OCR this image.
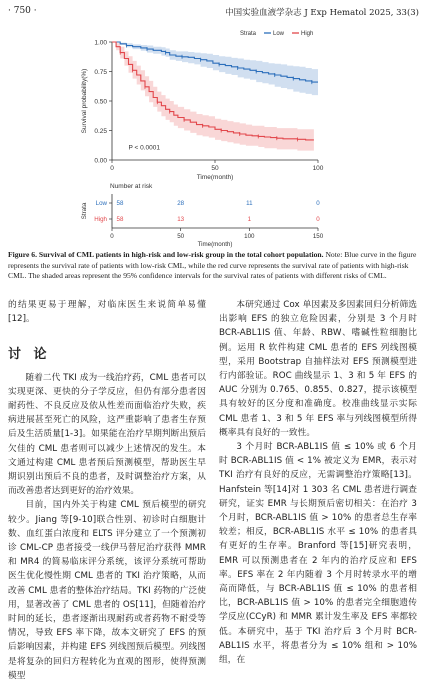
· 750 ·	中国实验血液学杂志 J Exp Hematol 2025, 33(3)
0.00
0.25
0.50
0.75
1.00
0	50	100
Time(month)
Survival probability(%)
P < 0.0001
Strata	Low	High
Number at risk
Low 58	28	11	0
High 58	13	1	0
0	50	100	150
Time(month)
Strata
Figure 6. Survival of CML patients in high-risk and low-risk group in the total cohort population. Note: Blue curve in the figure represents the survival rate of patients with low-risk CML, while the red curve represents the survival rate of patients with high-risk CML. The shaded areas represent the 95% confidence intervals for the survival rates of patients with different risks of CML.

的结果更易于理解，对临床医生来说简单易懂[12]。

讨 论

随着二代 TKI 成为一线治疗药，CML 患者可以实现更深、更快的分子学反应，但仍有部分患者因耐药性、不良反应及依从性差而面临治疗失败，疾病进展甚至死亡的风险，这严重影响了患者生存预后及生活质量[1-3]。如果能在治疗早期判断出预后欠佳的 CML 患者则可以减少上述情况的发生。本文通过构建 CML 患者预后预测模型，帮助医生早期识别出预后不良的患者，及时调整治疗方案，从而改善患者达到更好的治疗效果。

目前，国内外关于构建 CML 预后模型的研究较少。Jiang 等[9-10]联合性别、初诊时白细胞计数、血红蛋白浓度和 ELTS 评分建立了一个预测初诊 CML-CP 患者接受一线伊马替尼治疗获得 MMR 和 MR4 的简易临床评分系统，该评分系统可帮助医生优化慢性期 CML 患者的 TKI 治疗策略，从而改善 CML 患者的整体治疗结局。TKI 药物的广泛使用，显著改善了 CML 患者的 OS[11]，但随着治疗时间的延长，患者逐渐出现耐药或者药物不耐受等情况，导致 EFS 率下降，故本文研究了 EFS 的预后影响因素，并构建 EFS 列线图预后模型。列线图是将复杂的回归方程转化为直观的图形，使得预测模型

本研究通过 Cox 单因素及多因素回归分析筛选出影响 EFS 的独立危险因素，分别是 3 个月时 BCR-ABL1IS 值、年龄、RBW、嗜碱性粒细胞比例。运用 R 软件构建 CML 患者的 EFS 列线图模型，采用 Bootstrap 自抽样法对 EFS 预测模型进行内部验证。ROC 曲线显示 1、3 和 5 年 EFS 的 AUC 分别为 0.765、0.855、0.827，提示该模型具有较好的区分度和准确度。校准曲线显示实际 CML 患者 1、3 和 5 年 EFS 率与列线图模型所得概率具有良好的一致性。

3 个月时 BCR-ABL1IS 值 ≤ 10% 或 6 个月时 BCR-ABL1IS 值 < 1% 被定义为 EMR，表示对 TKI 治疗有良好的反应，无需调整治疗策略[13]。Hanfstein 等[14]对 1 303 名 CML 患者进行调查研究，证实 EMR 与长期预后密切相关：在治疗 3 个月时，BCR-ABL1IS 值 > 10% 的患者总生存率较差；相反，BCR-ABL1IS 水平 ≤ 10% 的患者具有更好的生存率。Branford 等[15]研究表明，EMR 可以预测患者在 2 年内的治疗反应和 EFS 率。EFS 率在 2 年内随着 3 个月时转录水平的增高而降低，与 BCR-ABL1IS 值 ≤ 10% 的患者相比，BCR-ABL1IS 值 > 10% 的患者完全细胞遗传学反应(CCyR) 和 MMR 累计发生率及 EFS 率都较低。本研究中，基于 TKI 治疗后 3 个月时 BCR-ABL1IS 水平，将患者分为 ≤ 10% 组和 > 10% 组，在
